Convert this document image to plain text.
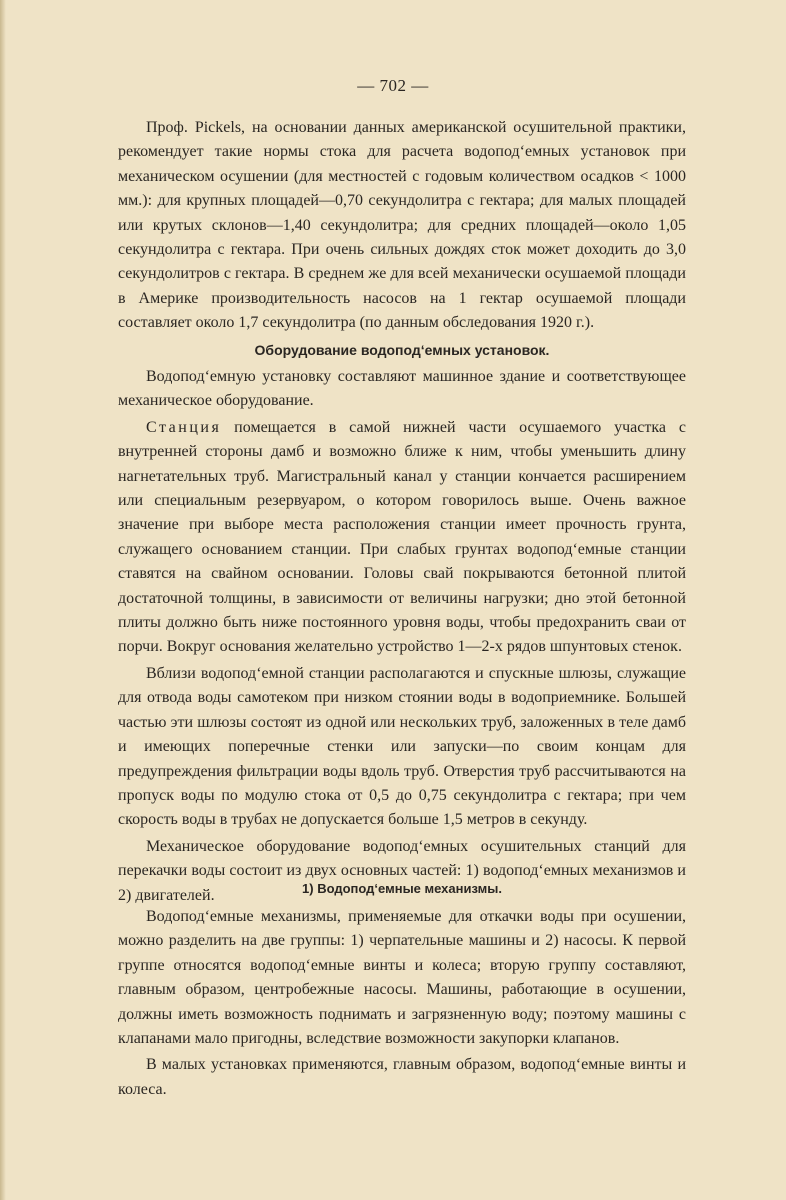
— 702 —

Проф. Pickels, на основании данных американской осушительной практики, рекомендует такие нормы стока для расчета водопод‘емных установок при механическом осушении (для местностей с годовым количеством осадков < 1000 мм.): для крупных площадей—0,70 секундолитра с гектара; для малых площадей или крутых склонов—1,40 секундолитра; для средних площадей—около 1,05 секундолитра с гектара. При очень сильных дождях сток может доходить до 3,0 секундолитров с гектара. В среднем же для всей механически осушаемой площади в Америке производительность насосов на 1 гектар осушаемой площади составляет около 1,7 секундолитра (по данным обследования 1920 г.).

Оборудование водопод‘емных установок.

Водопод‘емную установку составляют машинное здание и соответствующее механическое оборудование.

Станция помещается в самой нижней части осушаемого участка с внутренней стороны дамб и возможно ближе к ним, чтобы уменьшить длину нагнетательных труб. Магистральный канал у станции кончается расширением или специальным резервуаром, о котором говорилось выше. Очень важное значение при выборе места расположения станции имеет прочность грунта, служащего основанием станции. При слабых грунтах водопод‘емные станции ставятся на свайном основании. Головы свай покрываются бетонной плитой достаточной толщины, в зависимости от величины нагрузки; дно этой бетонной плиты должно быть ниже постоянного уровня воды, чтобы предохранить сваи от порчи. Вокруг основания желательно устройство 1—2-х рядов шпунтовых стенок.

Вблизи водопод‘емной станции располагаются и спускные шлюзы, служащие для отвода воды самотеком при низком стоянии воды в водоприемнике. Большей частью эти шлюзы состоят из одной или нескольких труб, заложенных в теле дамб и имеющих поперечные стенки или запуски—по своим концам для предупреждения фильтрации воды вдоль труб. Отверстия труб рассчитываются на пропуск воды по модулю стока от 0,5 до 0,75 секундолитра с гектара; при чем скорость воды в трубах не допускается больше 1,5 метров в секунду.

Механическое оборудование водопод‘емных осушительных станций для перекачки воды состоит из двух основных частей: 1) водопод‘емных механизмов и 2) двигателей.	1) Водопод‘емные механизмы.

Водопод‘емные механизмы, применяемые для откачки воды при осушении, можно разделить на две группы: 1) черпательные машины и 2) насосы. К первой группе относятся водопод‘емные винты и колеса; вторую группу составляют, главным образом, центробежные насосы. Машины, работающие в осушении, должны иметь возможность поднимать и загрязненную воду; поэтому машины с клапанами мало пригодны, вследствие возможности закупорки клапанов.

В малых установках применяются, главным образом, водопод‘емные винты и колеса.
